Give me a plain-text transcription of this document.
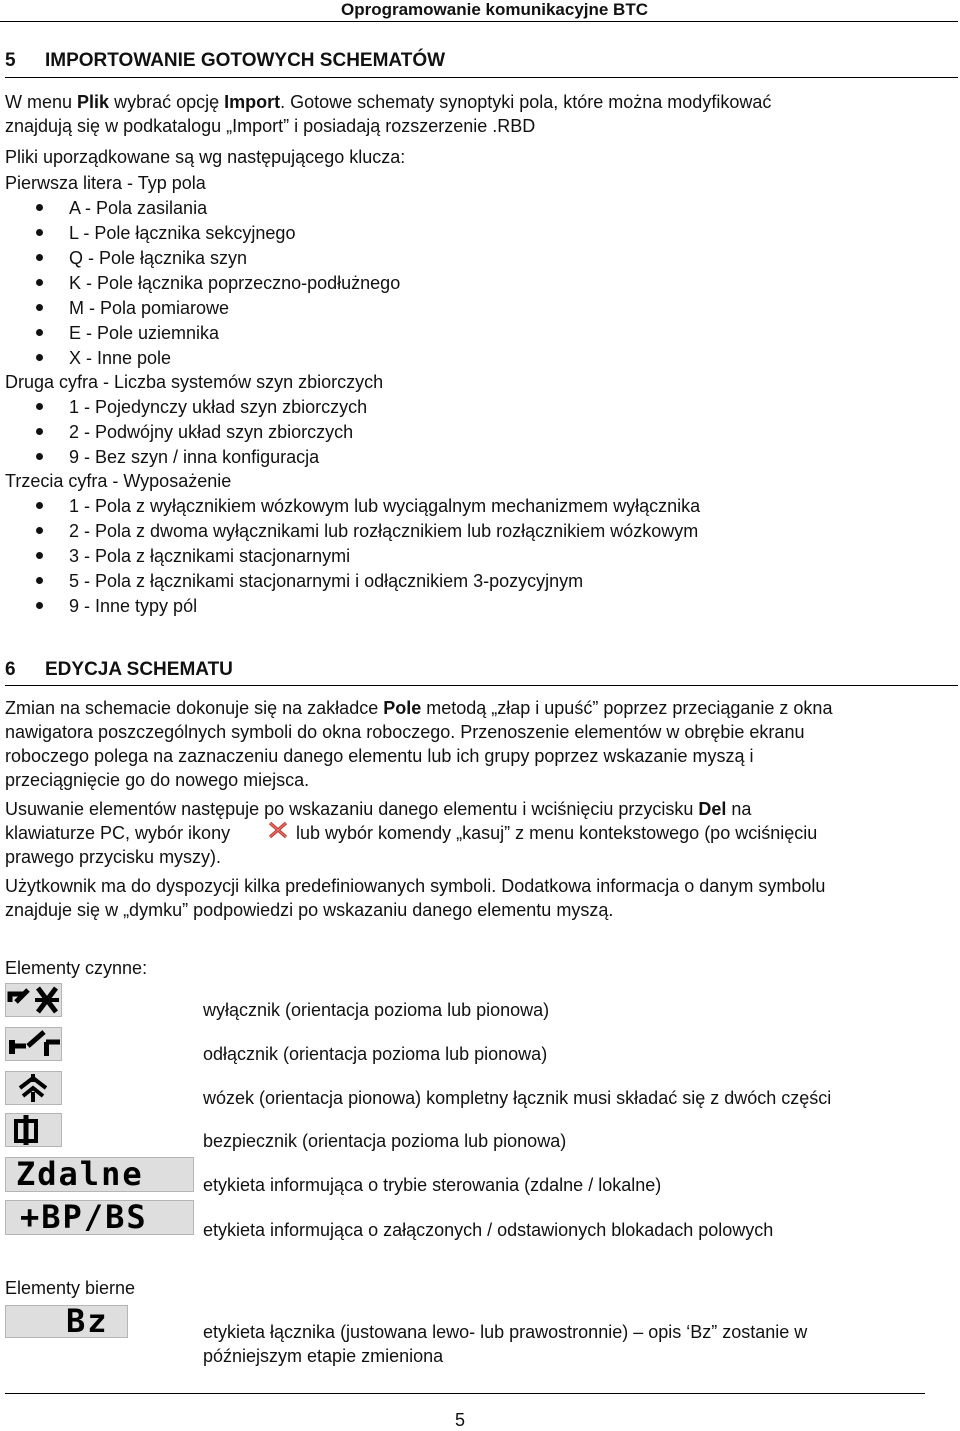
Oprogramowanie komunikacyjne BTC
5 IMPORTOWANIE GOTOWYCH SCHEMATÓW
W menu Plik wybrać opcję Import. Gotowe schematy synoptyki pola, które można modyfikować
znajdują się w podkatalogu „Import” i posiadają rozszerzenie .RBD
Pliki uporządkowane są wg następującego klucza:
Pierwsza litera - Typ pola
A - Pola zasilania
L - Pole łącznika sekcyjnego
Q - Pole łącznika szyn
K - Pole łącznika poprzeczno-podłużnego
M - Pola pomiarowe
E - Pole uziemnika
X - Inne pole
Druga cyfra - Liczba systemów szyn zbiorczych
1 - Pojedynczy układ szyn zbiorczych
2 - Podwójny układ szyn zbiorczych
9 - Bez szyn / inna konfiguracja
Trzecia cyfra - Wyposażenie
1 - Pola z wyłącznikiem wózkowym lub wyciągalnym mechanizmem wyłącznika
2 - Pola z dwoma wyłącznikami lub rozłącznikiem lub rozłącznikiem wózkowym
3 - Pola z łącznikami stacjonarnymi
5 - Pola z łącznikami stacjonarnymi i odłącznikiem 3-pozycyjnym
9 - Inne typy pól
6 EDYCJA SCHEMATU
Zmian na schemacie dokonuje się na zakładce Pole metodą „złap i upuść” poprzez przeciąganie z okna
nawigatora poszczególnych symboli do okna roboczego. Przenoszenie elementów w obrębie ekranu
roboczego polega na zaznaczeniu danego elementu lub ich grupy poprzez wskazanie myszą i
przeciągnięcie go do nowego miejsca.
Usuwanie elementów następuje po wskazaniu danego elementu i wciśnięciu przycisku Del na
klawiaturze PC, wybór ikony	lub wybór komendy „kasuj” z menu kontekstowego (po wciśnięciu
prawego przycisku myszy).
Użytkownik ma do dyspozycji kilka predefiniowanych symboli. Dodatkowa informacja o danym symbolu
znajduje się w „dymku” podpowiedzi po wskazaniu danego elementu myszą.
Elementy czynne:
wyłącznik (orientacja pozioma lub pionowa)
odłącznik (orientacja pozioma lub pionowa)
wózek (orientacja pionowa) kompletny łącznik musi składać się z dwóch części
bezpiecznik (orientacja pozioma lub pionowa)
Zdalne	etykieta informująca o trybie sterowania (zdalne / lokalne)
+BP/BS	etykieta informująca o załączonych / odstawionych blokadach polowych
Elementy bierne
Bz	etykieta łącznika (justowana lewo- lub prawostronnie) – opis ‘Bz” zostanie w
późniejszym etapie zmieniona
5
